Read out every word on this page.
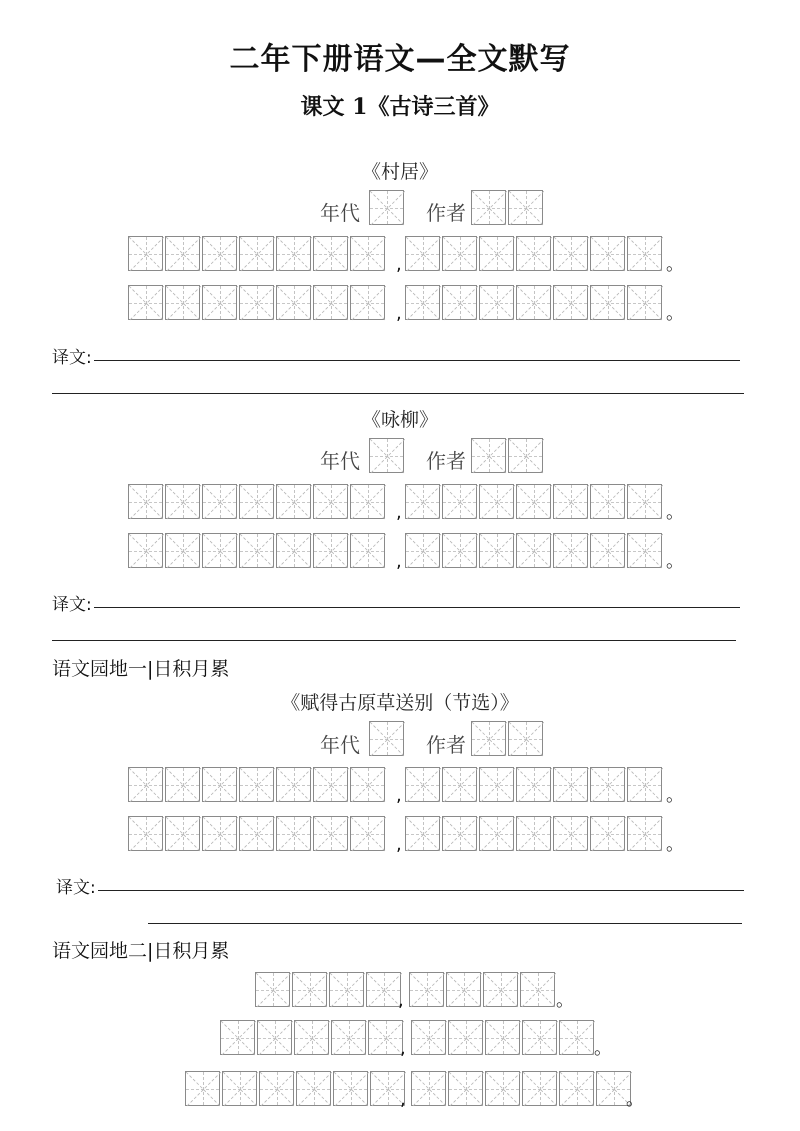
二年下册语文—全文默写
课文 1《古诗三首》
《村居》
年代	作者
《咏柳》
年代	作者
语文园地一|日积月累
《赋得古原草送别（节选）》
年代	作者
语文园地二|日积月累
译文:
译文:
译文:
,	。
,	。
,	。
,	。
,	。
,	。
,	。
,	。
,	。
